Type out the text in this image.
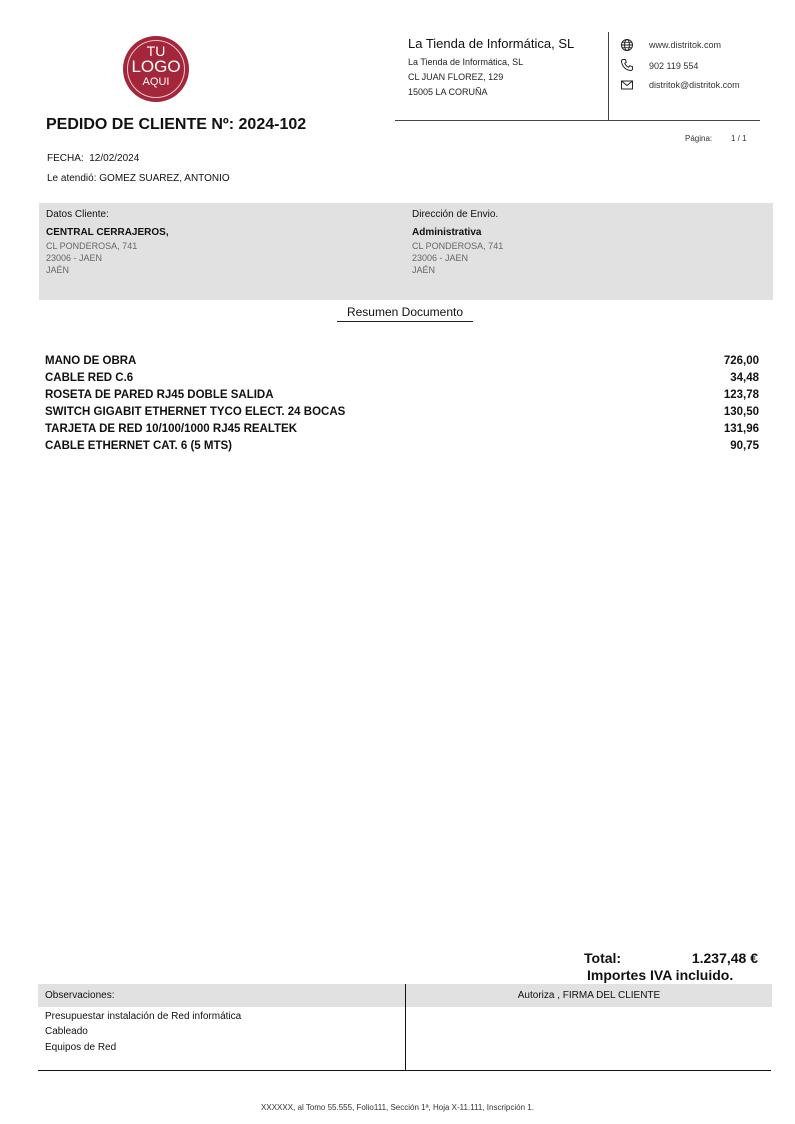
TU
LOGO
AQUI
La Tienda de Informática, SL
La Tienda de Informática, SL
CL JUAN FLOREZ, 129
15005 LA CORUÑA
www.distritok.com
902 119 554
distritok@distritok.com
PEDIDO DE CLIENTE Nº: 2024-102
Página: 1 / 1
FECHA: 12/02/2024
Le atendió: GOMEZ SUAREZ, ANTONIO
Datos Cliente:
CENTRAL CERRAJEROS,
CL PONDEROSA, 741
23006 - JAEN
JAÉN
Dirección de Envio.
Administrativa
CL PONDEROSA, 741
23006 - JAEN
JAÉN
Resumen Documento
MANO DE OBRA	726,00
CABLE RED C.6	34,48
ROSETA DE PARED RJ45 DOBLE SALIDA	123,78
SWITCH GIGABIT ETHERNET TYCO ELECT. 24 BOCAS	130,50
TARJETA DE RED 10/100/1000 RJ45 REALTEK	131,96
CABLE ETHERNET CAT. 6 (5 MTS)	90,75
Total:	1.237,48 €
Importes IVA incluido.
Observaciones:	Autoriza , FIRMA DEL CLIENTE
Presupuestar instalación de Red informática
Cableado
Equipos de Red
XXXXXX, al Tomo 55.555, Folio111, Sección 1ª, Hoja X-11.111, Inscripción 1.
